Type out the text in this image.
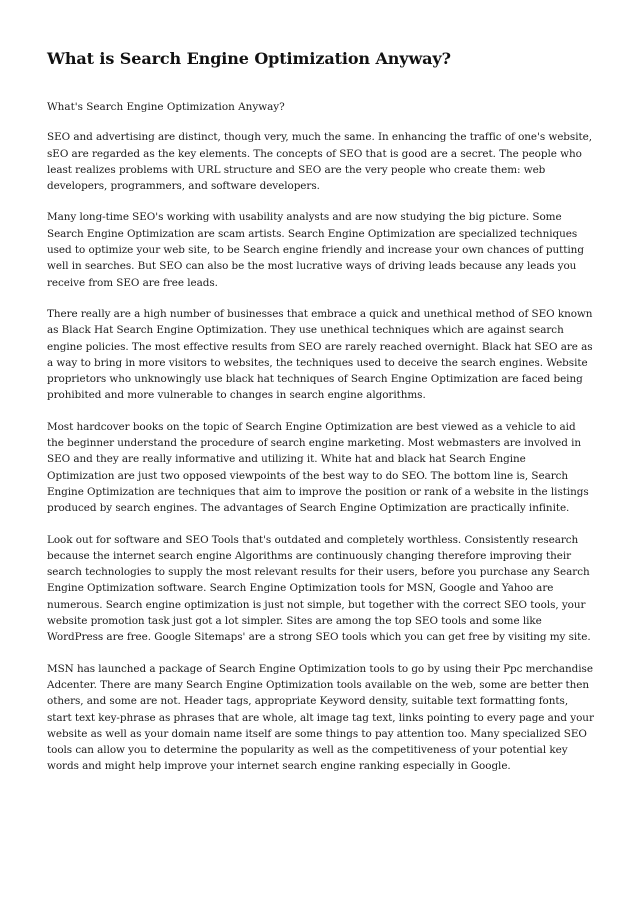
What is Search Engine Optimization Anyway?

What's Search Engine Optimization Anyway?

SEO and advertising are distinct, though very, much the same. In enhancing the traffic of one's website, sEO are regarded as the key elements. The concepts of SEO that is good are a secret. The people who least realizes problems with URL structure and SEO are the very people who create them: web developers, programmers, and software developers.

Many long-time SEO's working with usability analysts and are now studying the big picture. Some Search Engine Optimization are scam artists. Search Engine Optimization are specialized techniques used to optimize your web site, to be Search engine friendly and increase your own chances of putting well in searches. But SEO can also be the most lucrative ways of driving leads because any leads you receive from SEO are free leads.

There really are a high number of businesses that embrace a quick and unethical method of SEO known as Black Hat Search Engine Optimization. They use unethical techniques which are against search engine policies. The most effective results from SEO are rarely reached overnight. Black hat SEO are as a way to bring in more visitors to websites, the techniques used to deceive the search engines. Website proprietors who unknowingly use black hat techniques of Search Engine Optimization are faced being prohibited and more vulnerable to changes in search engine algorithms.

Most hardcover books on the topic of Search Engine Optimization are best viewed as a vehicle to aid the beginner understand the procedure of search engine marketing. Most webmasters are involved in SEO and they are really informative and utilizing it. White hat and black hat Search Engine Optimization are just two opposed viewpoints of the best way to do SEO. The bottom line is, Search Engine Optimization are techniques that aim to improve the position or rank of a website in the listings produced by search engines. The advantages of Search Engine Optimization are practically infinite.

Look out for software and SEO Tools that's outdated and completely worthless. Consistently research because the internet search engine Algorithms are continuously changing therefore improving their search technologies to supply the most relevant results for their users, before you purchase any Search Engine Optimization software. Search Engine Optimization tools for MSN, Google and Yahoo are numerous. Search engine optimization is just not simple, but together with the correct SEO tools, your website promotion task just got a lot simpler. Sites are among the top SEO tools and some like WordPress are free. Google Sitemaps' are a strong SEO tools which you can get free by visiting my site.

MSN has launched a package of Search Engine Optimization tools to go by using their Ppc merchandise Adcenter. There are many Search Engine Optimization tools available on the web, some are better then others, and some are not. Header tags, appropriate Keyword density, suitable text formatting fonts, start text key-phrase as phrases that are whole, alt image tag text, links pointing to every page and your website as well as your domain name itself are some things to pay attention too. Many specialized SEO tools can allow you to determine the popularity as well as the competitiveness of your potential key words and might help improve your internet search engine ranking especially in Google.
